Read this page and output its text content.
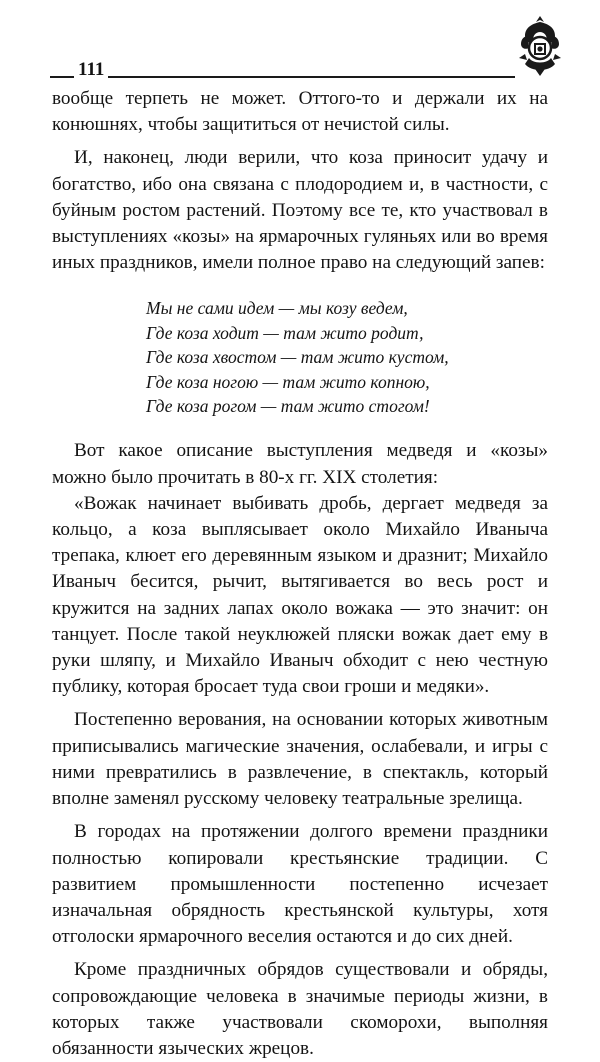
111

вообще терпеть не может. Оттого-то и держали их на конюшнях, чтобы защититься от нечистой силы.

И, наконец, люди верили, что коза приносит удачу и богатство, ибо она связана с плодородием и, в частности, с буйным ростом растений. Поэтому все те, кто участвовал в выступлениях «козы» на ярмарочных гуляньях или во время иных праздников, имели полное право на следующий запев:

Мы не сами идем — мы козу ведем,
Где коза ходит — там жито родит,
Где коза хвостом — там жито кустом,
Где коза ногою — там жито копною,
Где коза рогом — там жито стогом!

Вот какое описание выступления медведя и «козы» можно было прочитать в 80-х гг. XIX столетия:

«Вожак начинает выбивать дробь, дергает медведя за кольцо, а коза выплясывает около Михайло Иваныча трепака, клюет его деревянным языком и дразнит; Михайло Иваныч бесится, рычит, вытягивается во весь рост и кружится на задних лапах около вожака — это значит: он танцует. После такой неуклюжей пляски вожак дает ему в руки шляпу, и Михайло Иваныч обходит с нею честную публику, которая бросает туда свои гроши и медяки».

Постепенно верования, на основании которых животным приписывались магические значения, ослабевали, и игры с ними превратились в развлечение, в спектакль, который вполне заменял русскому человеку театральные зрелища.

В городах на протяжении долгого времени праздники полностью копировали крестьянские традиции. С развитием промышленности постепенно исчезает изначальная обрядность крестьянской культуры, хотя отголоски ярмарочного веселия остаются и до сих дней.

Кроме праздничных обрядов существовали и обряды, сопровождающие человека в значимые периоды жизни, в которых также участвовали скоморохи, выполняя обязанности языческих жрецов.
